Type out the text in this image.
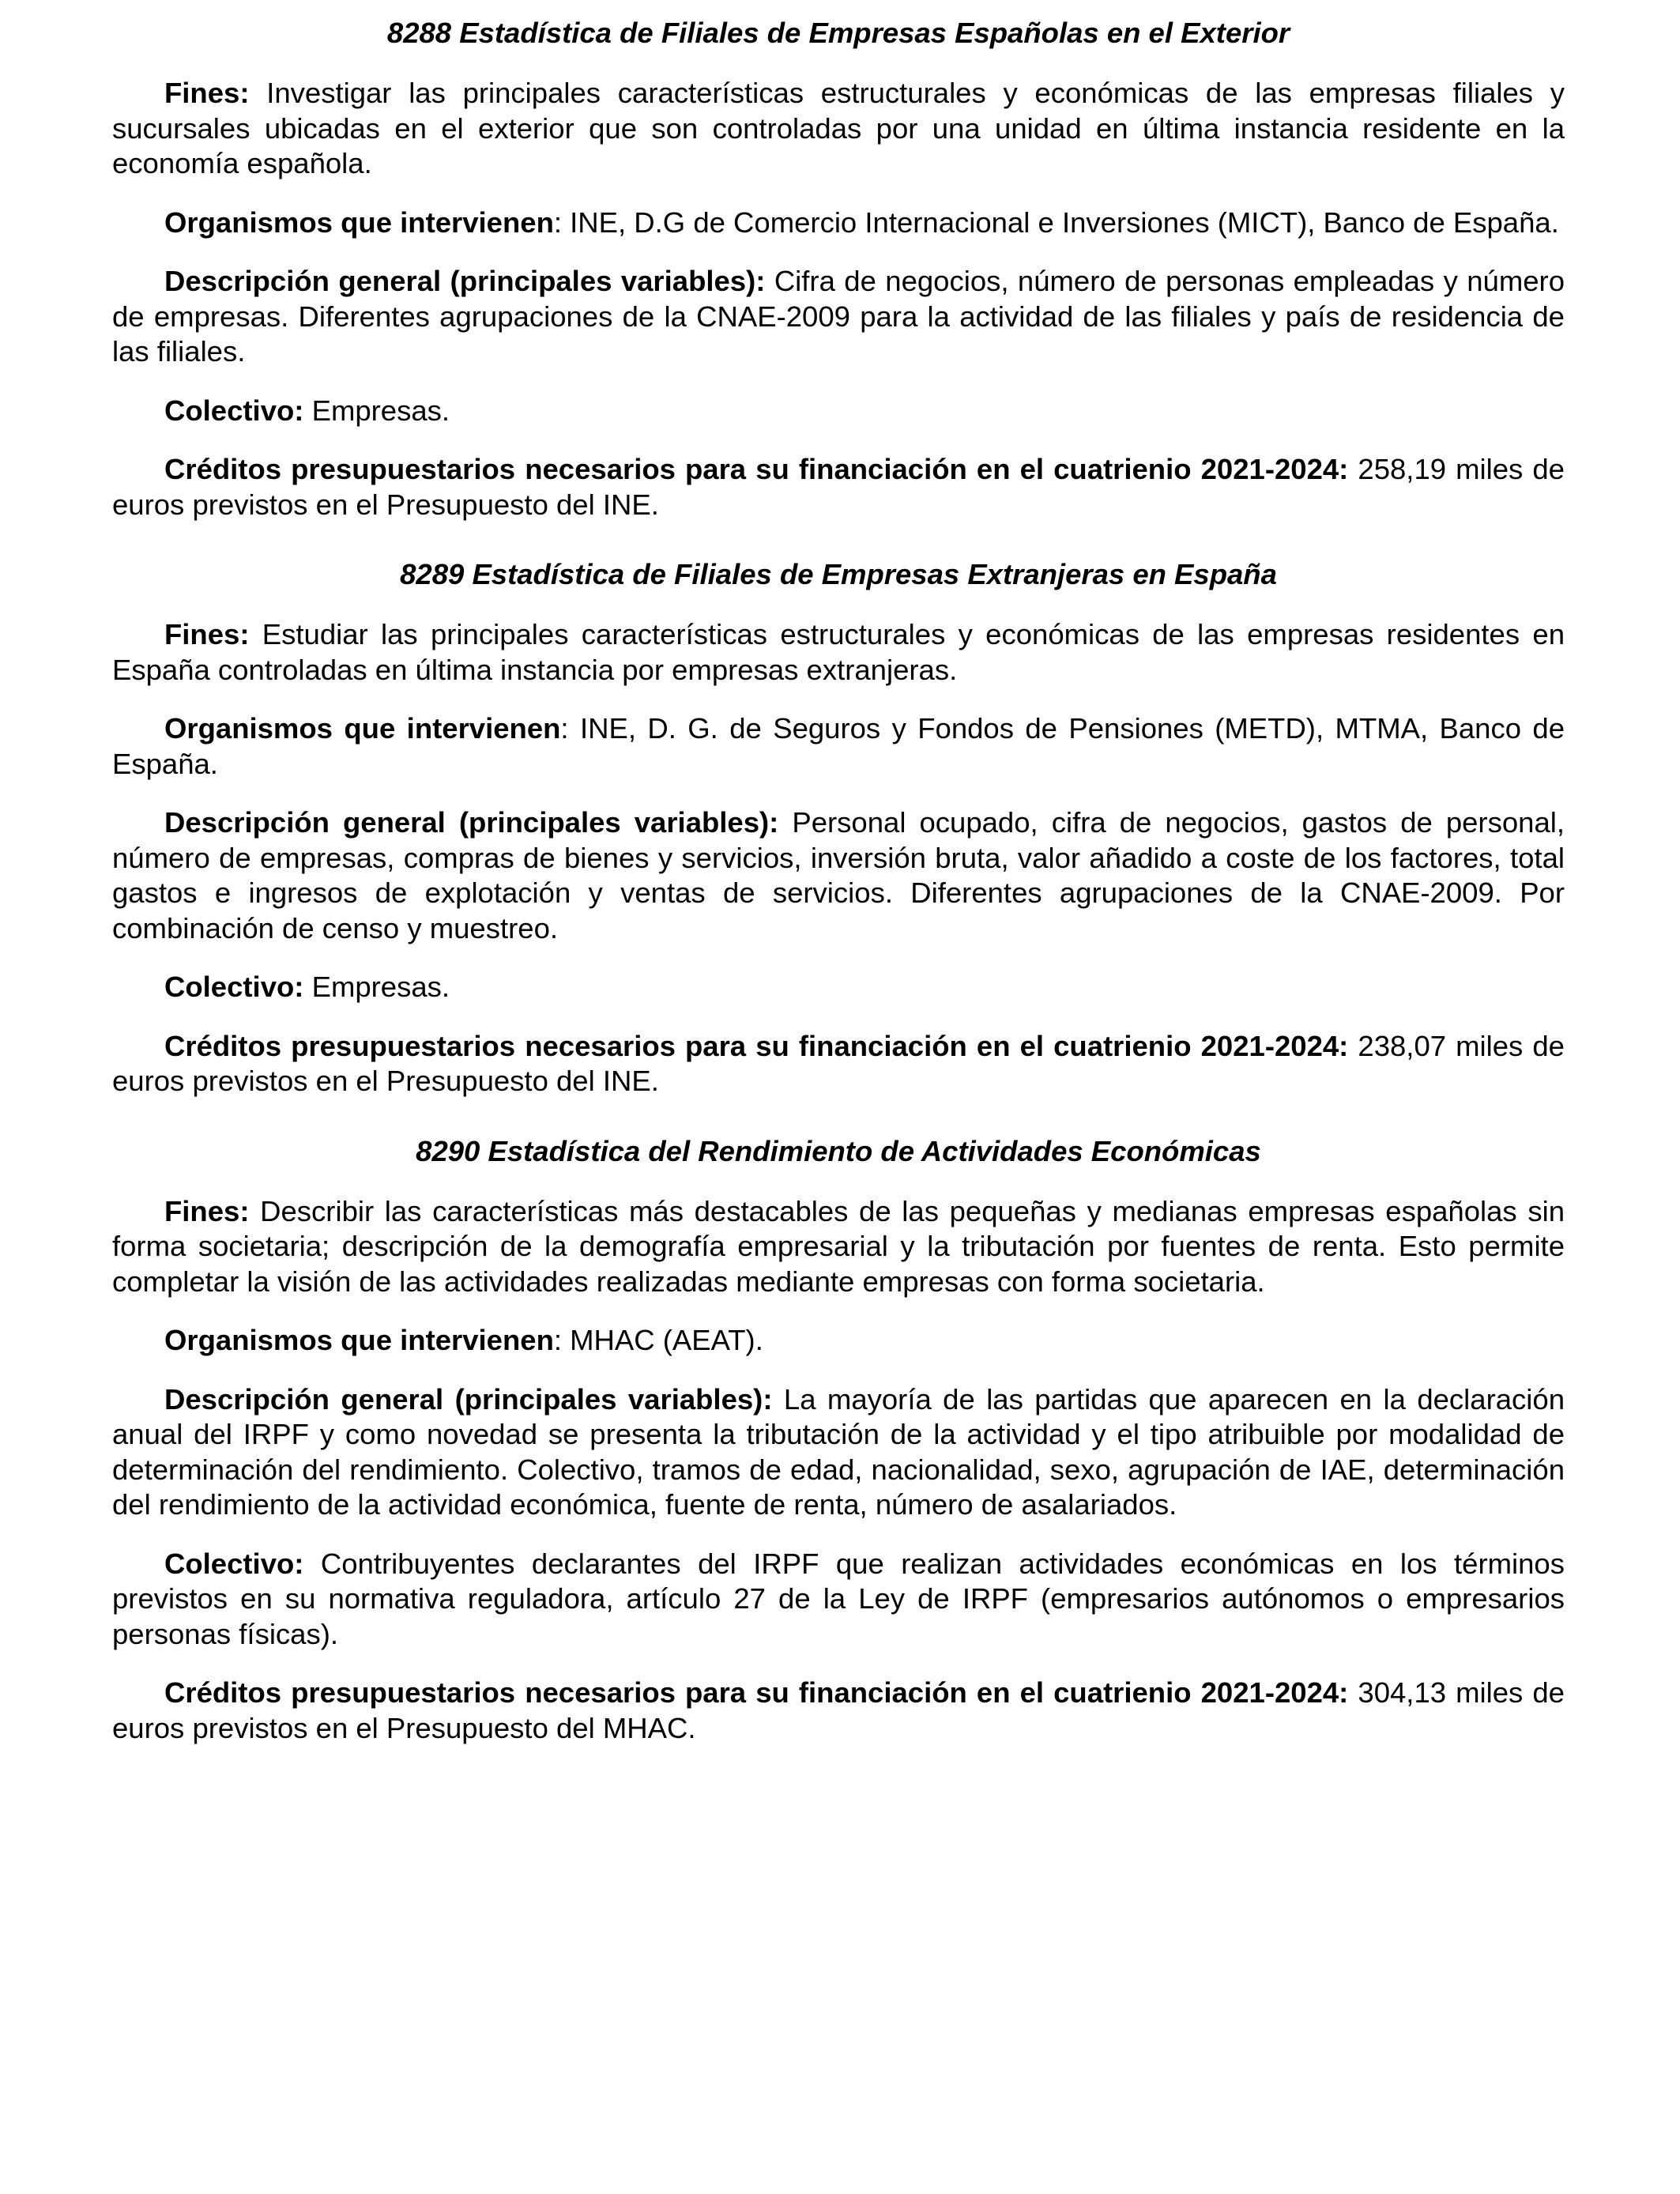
8288 Estadística de Filiales de Empresas Españolas en el Exterior

Fines: Investigar las principales características estructurales y económicas de las empresas filiales y sucursales ubicadas en el exterior que son controladas por una unidad en última instancia residente en la economía española.

Organismos que intervienen: INE, D.G de Comercio Internacional e Inversiones (MICT), Banco de España.

Descripción general (principales variables): Cifra de negocios, número de personas empleadas y número de empresas. Diferentes agrupaciones de la CNAE-2009 para la actividad de las filiales y país de residencia de las filiales.

Colectivo: Empresas.

Créditos presupuestarios necesarios para su financiación en el cuatrienio 2021-2024: 258,19 miles de euros previstos en el Presupuesto del INE.

8289 Estadística de Filiales de Empresas Extranjeras en España

Fines: Estudiar las principales características estructurales y económicas de las empresas residentes en España controladas en última instancia por empresas extranjeras.

Organismos que intervienen: INE, D. G. de Seguros y Fondos de Pensiones (METD), MTMA, Banco de España.

Descripción general (principales variables): Personal ocupado, cifra de negocios, gastos de personal, número de empresas, compras de bienes y servicios, inversión bruta, valor añadido a coste de los factores, total gastos e ingresos de explotación y ventas de servicios. Diferentes agrupaciones de la CNAE-2009. Por combinación de censo y muestreo.

Colectivo: Empresas.

Créditos presupuestarios necesarios para su financiación en el cuatrienio 2021-2024: 238,07 miles de euros previstos en el Presupuesto del INE.

8290 Estadística del Rendimiento de Actividades Económicas

Fines: Describir las características más destacables de las pequeñas y medianas empresas españolas sin forma societaria; descripción de la demografía empresarial y la tributación por fuentes de renta. Esto permite completar la visión de las actividades realizadas mediante empresas con forma societaria.

Organismos que intervienen: MHAC (AEAT).

Descripción general (principales variables): La mayoría de las partidas que aparecen en la declaración anual del IRPF y como novedad se presenta la tributación de la actividad y el tipo atribuible por modalidad de determinación del rendimiento. Colectivo, tramos de edad, nacionalidad, sexo, agrupación de IAE, determinación del rendimiento de la actividad económica, fuente de renta, número de asalariados.

Colectivo: Contribuyentes declarantes del IRPF que realizan actividades económicas en los términos previstos en su normativa reguladora, artículo 27 de la Ley de IRPF (empresarios autónomos o empresarios personas físicas).

Créditos presupuestarios necesarios para su financiación en el cuatrienio 2021-2024: 304,13 miles de euros previstos en el Presupuesto del MHAC.
